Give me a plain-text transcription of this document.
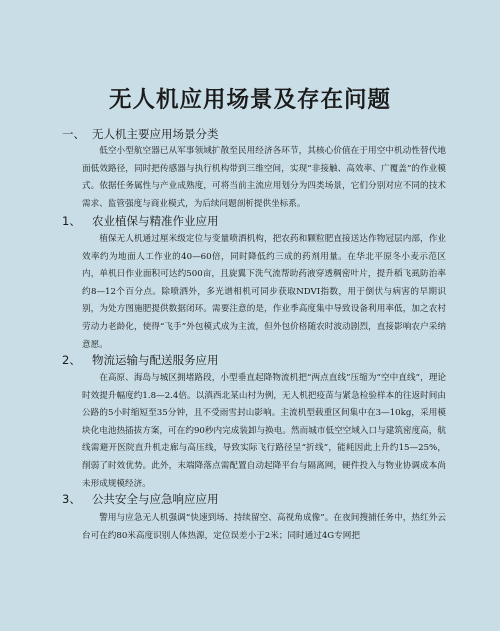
无人机应用场景及存在问题
一、 无人机主要应用场景分类

低空小型航空器已从军事领域扩散至民用经济各环节，其核心价值在于用空中机动性替代地面低效路径，同时把传感器与执行机构带到三维空间，实现“非接触、高效率、广覆盖”的作业模式。依据任务属性与产业成熟度，可将当前主流应用划分为四类场景，它们分别对应不同的技术需求、监管强度与商业模式，为后续问题剖析提供坐标系。

1、 农业植保与精准作业应用

植保无人机通过厘米级定位与变量喷洒机构，把农药和颗粒肥直接送达作物冠层内部，作业效率约为地面人工作业的40—60倍，同时降低约三成的药剂用量。在华北平原冬小麦示范区内，单机日作业面积可达约500亩，且旋翼下洗气流帮助药液穿透稠密叶片，提升稻飞虱防治率约8—12个百分点。除喷洒外，多光谱相机可同步获取NDVI指数，用于倒伏与病害的早期识别，为处方图施肥提供数据闭环。需要注意的是，作业季高度集中导致设备利用率低，加之农村劳动力老龄化，使得“飞手”外包模式成为主流，但外包价格随农时波动剧烈，直接影响农户采纳意愿。

2、 物流运输与配送服务应用

在高原、海岛与城区拥堵路段，小型垂直起降物流机把“两点直线”压缩为“空中直线”，理论时效提升幅度约1.8—2.4倍。以滇西北某山村为例，无人机把疫苗与紧急检验样本的往返时间由公路的5小时缩短至35分钟，且不受雨雪封山影响。主流机型载重区间集中在3—10kg，采用模块化电池热插拔方案，可在约90秒内完成装卸与换电。然而城市低空空域入口与建筑密度高，航线需避开医院直升机走廊与高压线，导致实际飞行路径呈“折线”，能耗因此上升约15—25%，削弱了时效优势。此外，末端降落点需配置自动起降平台与隔离网，硬件投入与物业协调成本尚未形成规模经济。

3、 公共安全与应急响应应用

警用与应急无人机强调“快速到场、持续留空、高视角成像”。在夜间搜捕任务中，热红外云台可在约80米高度识别人体热源，定位误差小于2米；同时通过4G专网把
